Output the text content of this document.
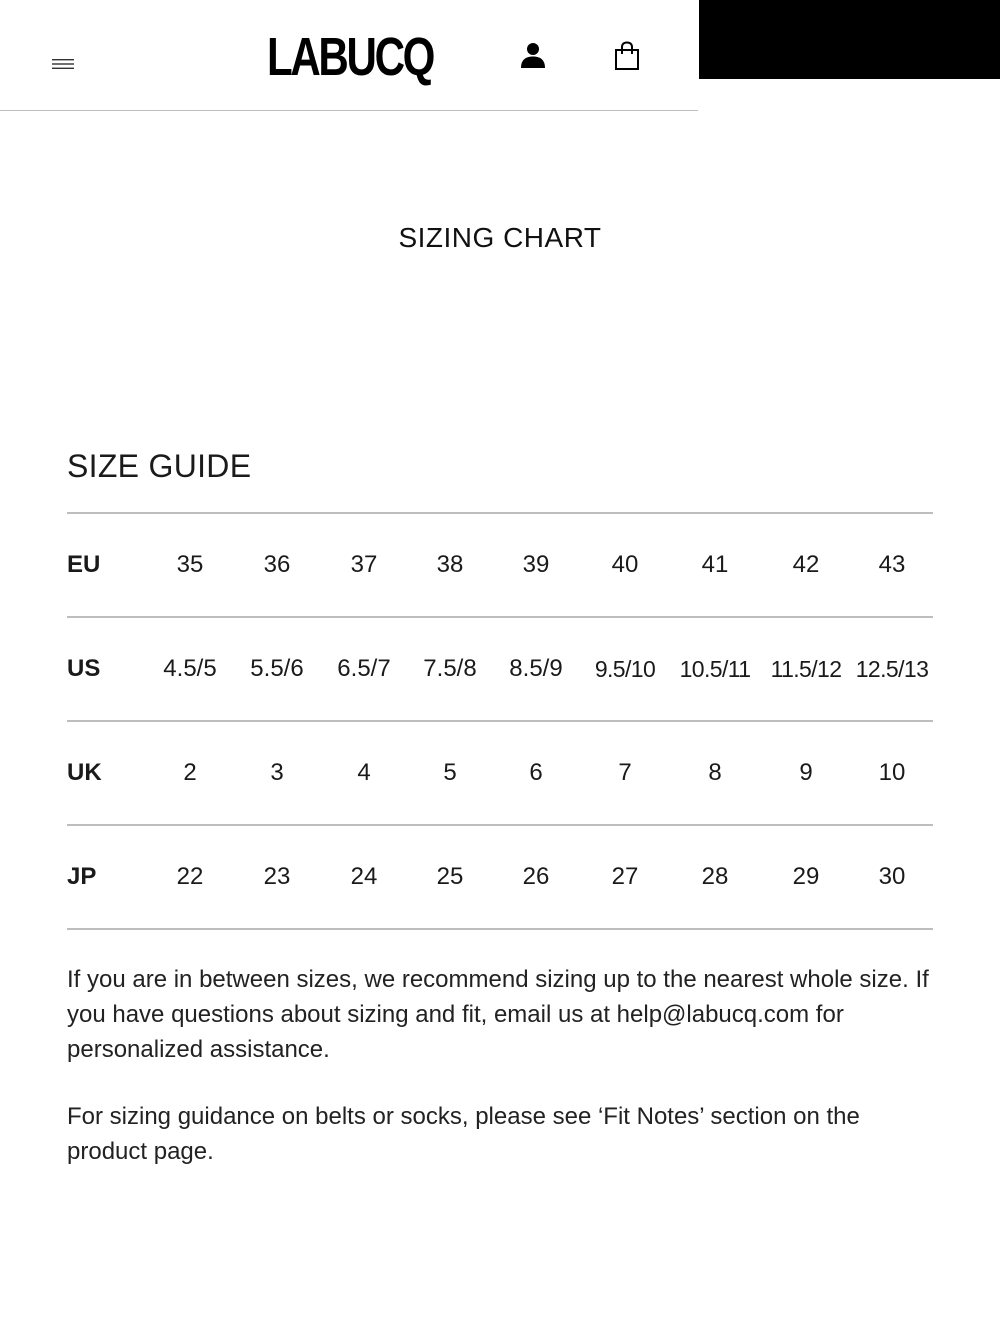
LABUCQ
SIZING CHART
SIZE GUIDE
EU	35	36	37	38	39	40	41	42	43
US	4.5/5	5.5/6	6.5/7	7.5/8	8.5/9	9.5/10	10.5/11 11.5/12 12.5/13
UK	2	3	4	5	6	7	8	9	10
JP	22	23	24	25	26	27	28	29	30

If you are in between sizes, we recommend sizing up to the nearest whole size. If you have questions about sizing and fit, email us at help@labucq.com for personalized assistance.

For sizing guidance on belts or socks, please see ‘Fit Notes’ section on the product page.
